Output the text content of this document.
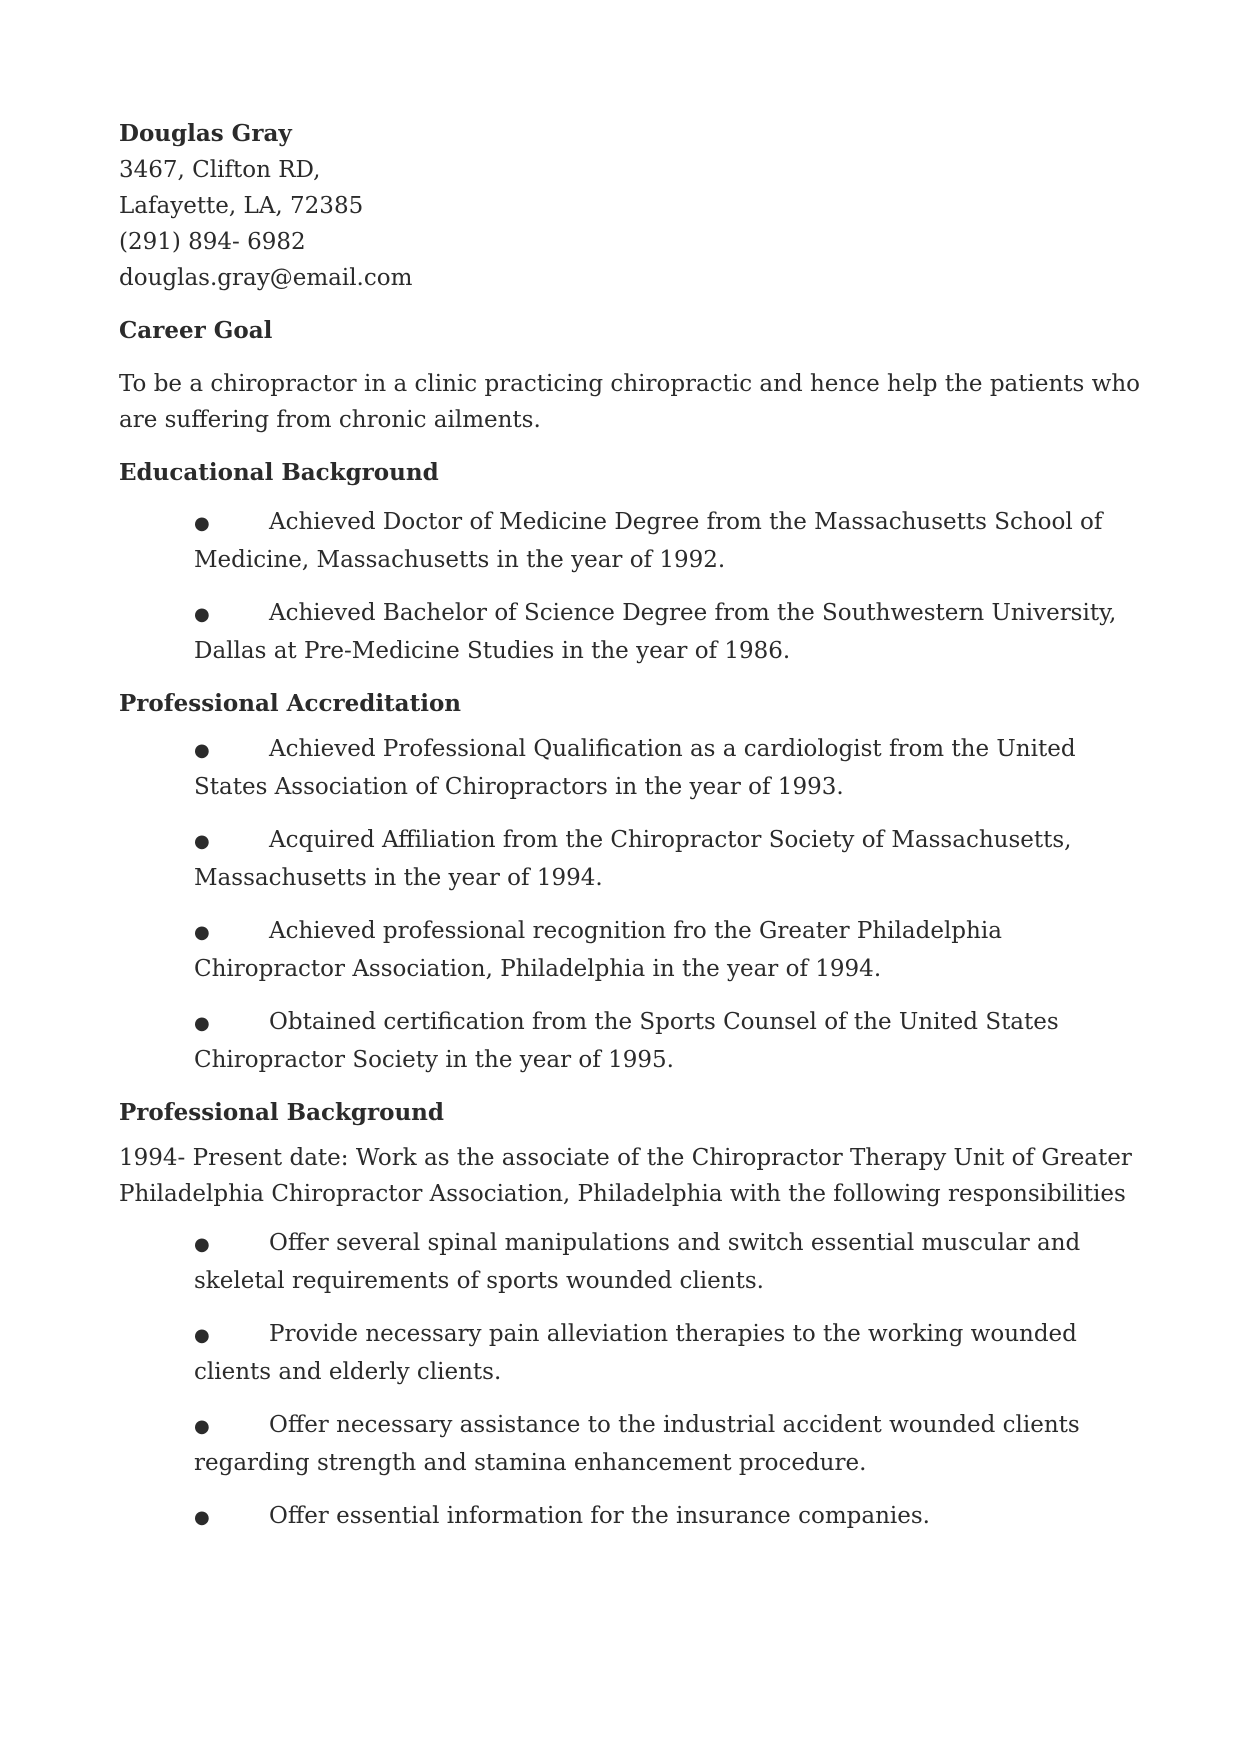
Douglas Gray

3467, Clifton RD,

Lafayette, LA, 72385

(291) 894- 6982

douglas.gray@email.com

Career Goal

To be a chiropractor in a clinic practicing chiropractic and hence help the patients who are suffering from chronic ailments.

Educational Background
●	Achieved Doctor of Medicine Degree from the Massachusetts School of Medicine, Massachusetts in the year of 1992.
●	Achieved Bachelor of Science Degree from the Southwestern University, Dallas at Pre-Medicine Studies in the year of 1986.
Professional Accreditation
●	Achieved Professional Qualification as a cardiologist from the United States Association of Chiropractors in the year of 1993.
●	Acquired Affiliation from the Chiropractor Society of Massachusetts, Massachusetts in the year of 1994.
●	Achieved professional recognition fro the Greater Philadelphia Chiropractor Association, Philadelphia in the year of 1994.
●	Obtained certification from the Sports Counsel of the United States Chiropractor Society in the year of 1995.
Professional Background

1994- Present date: Work as the associate of the Chiropractor Therapy Unit of Greater Philadelphia Chiropractor Association, Philadelphia with the following responsibilities

●	Offer several spinal manipulations and switch essential muscular and skeletal requirements of sports wounded clients.
●	Provide necessary pain alleviation therapies to the working wounded clients and elderly clients.
●	Offer necessary assistance to the industrial accident wounded clients regarding strength and stamina enhancement procedure.
●	Offer essential information for the insurance companies.
